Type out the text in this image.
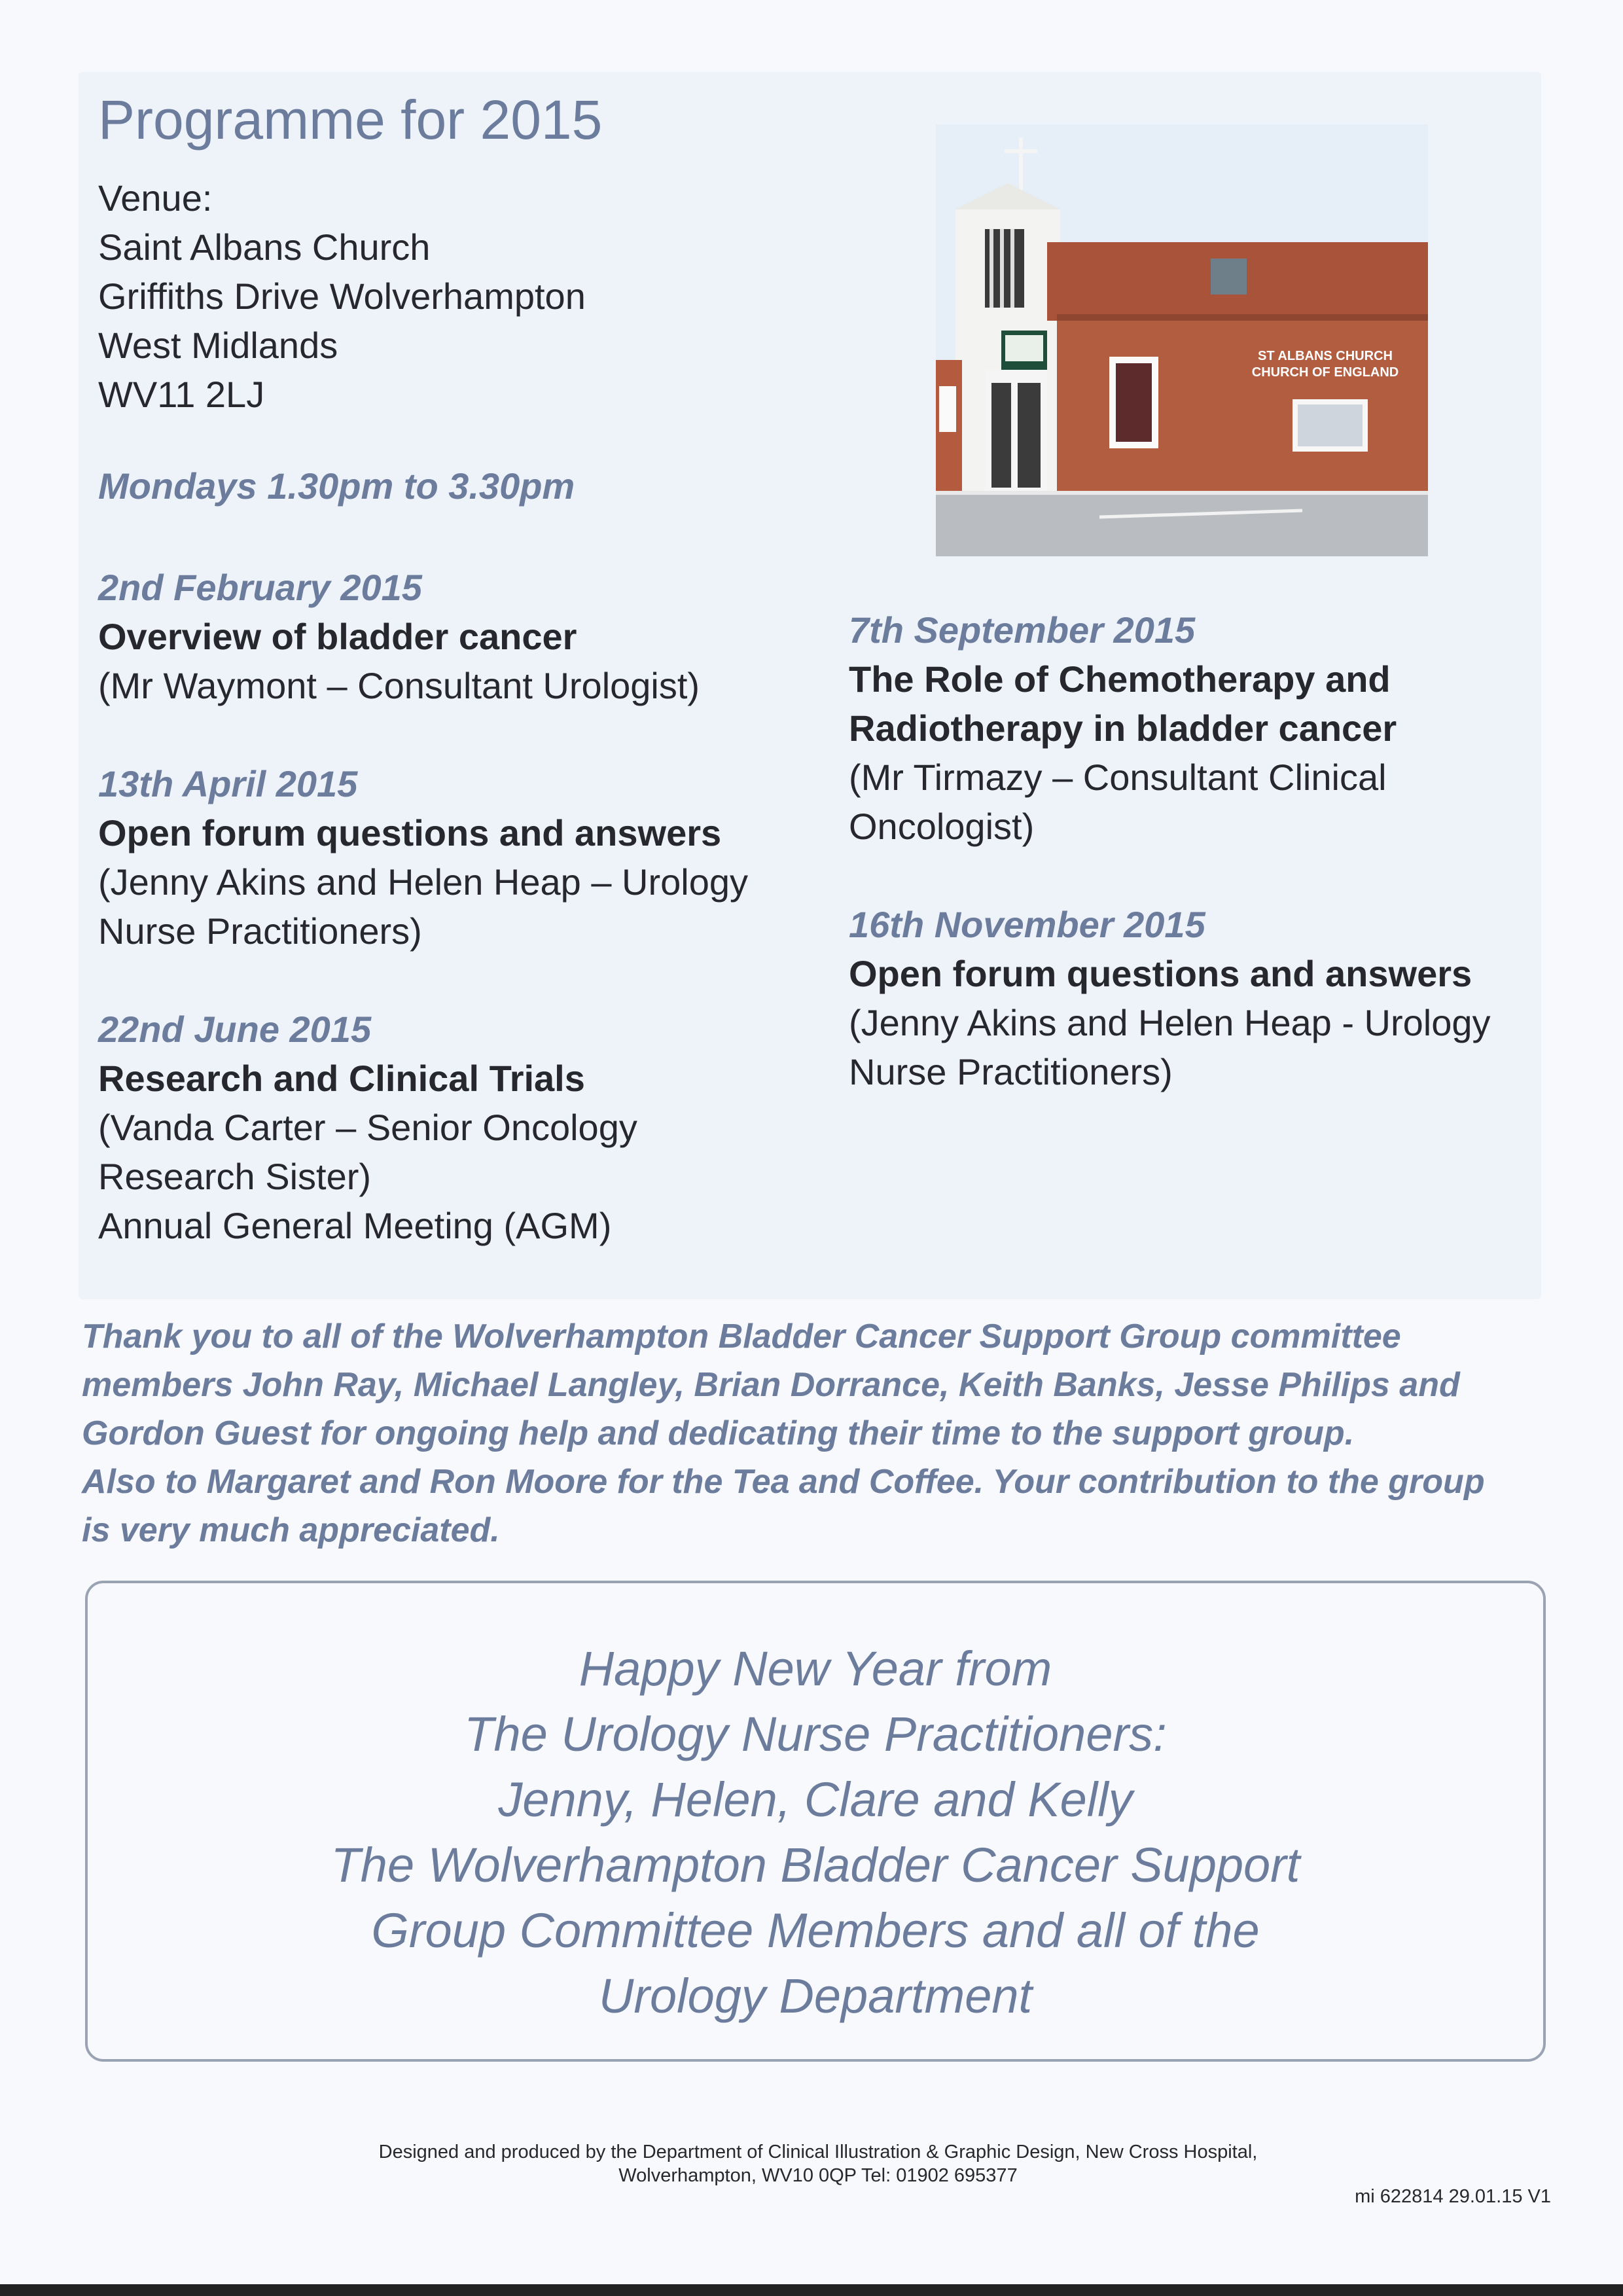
Programme for 2015
Venue:
Saint Albans Church
Griffiths Drive Wolverhampton
West Midlands
WV11 2LJ
Mondays 1.30pm to 3.30pm
ST ALBANS CHURCH
CHURCH OF ENGLAND
2nd February 2015
Overview of bladder cancer
(Mr Waymont – Consultant Urologist)
13th April 2015
Open forum questions and answers
(Jenny Akins and Helen Heap – Urology
Nurse Practitioners)
22nd June 2015
Research and Clinical Trials
(Vanda Carter – Senior Oncology
Research Sister)
Annual General Meeting (AGM)
7th September 2015
The Role of Chemotherapy and
Radiotherapy in bladder cancer
(Mr Tirmazy – Consultant Clinical
Oncologist)
16th November 2015
Open forum questions and answers
(Jenny Akins and Helen Heap - Urology
Nurse Practitioners)
Thank you to all of the Wolverhampton Bladder Cancer Support Group committee
members John Ray, Michael Langley, Brian Dorrance, Keith Banks, Jesse Philips and
Gordon Guest for ongoing help and dedicating their time to the support group.
Also to Margaret and Ron Moore for the Tea and Coffee. Your contribution to the group
is very much appreciated.
Happy New Year from
The Urology Nurse Practitioners:
Jenny, Helen, Clare and Kelly
The Wolverhampton Bladder Cancer Support
Group Committee Members and all of the
Urology Department
Designed and produced by the Department of Clinical Illustration & Graphic Design, New Cross Hospital,
Wolverhampton, WV10 0QP Tel: 01902 695377
mi 622814 29.01.15 V1
